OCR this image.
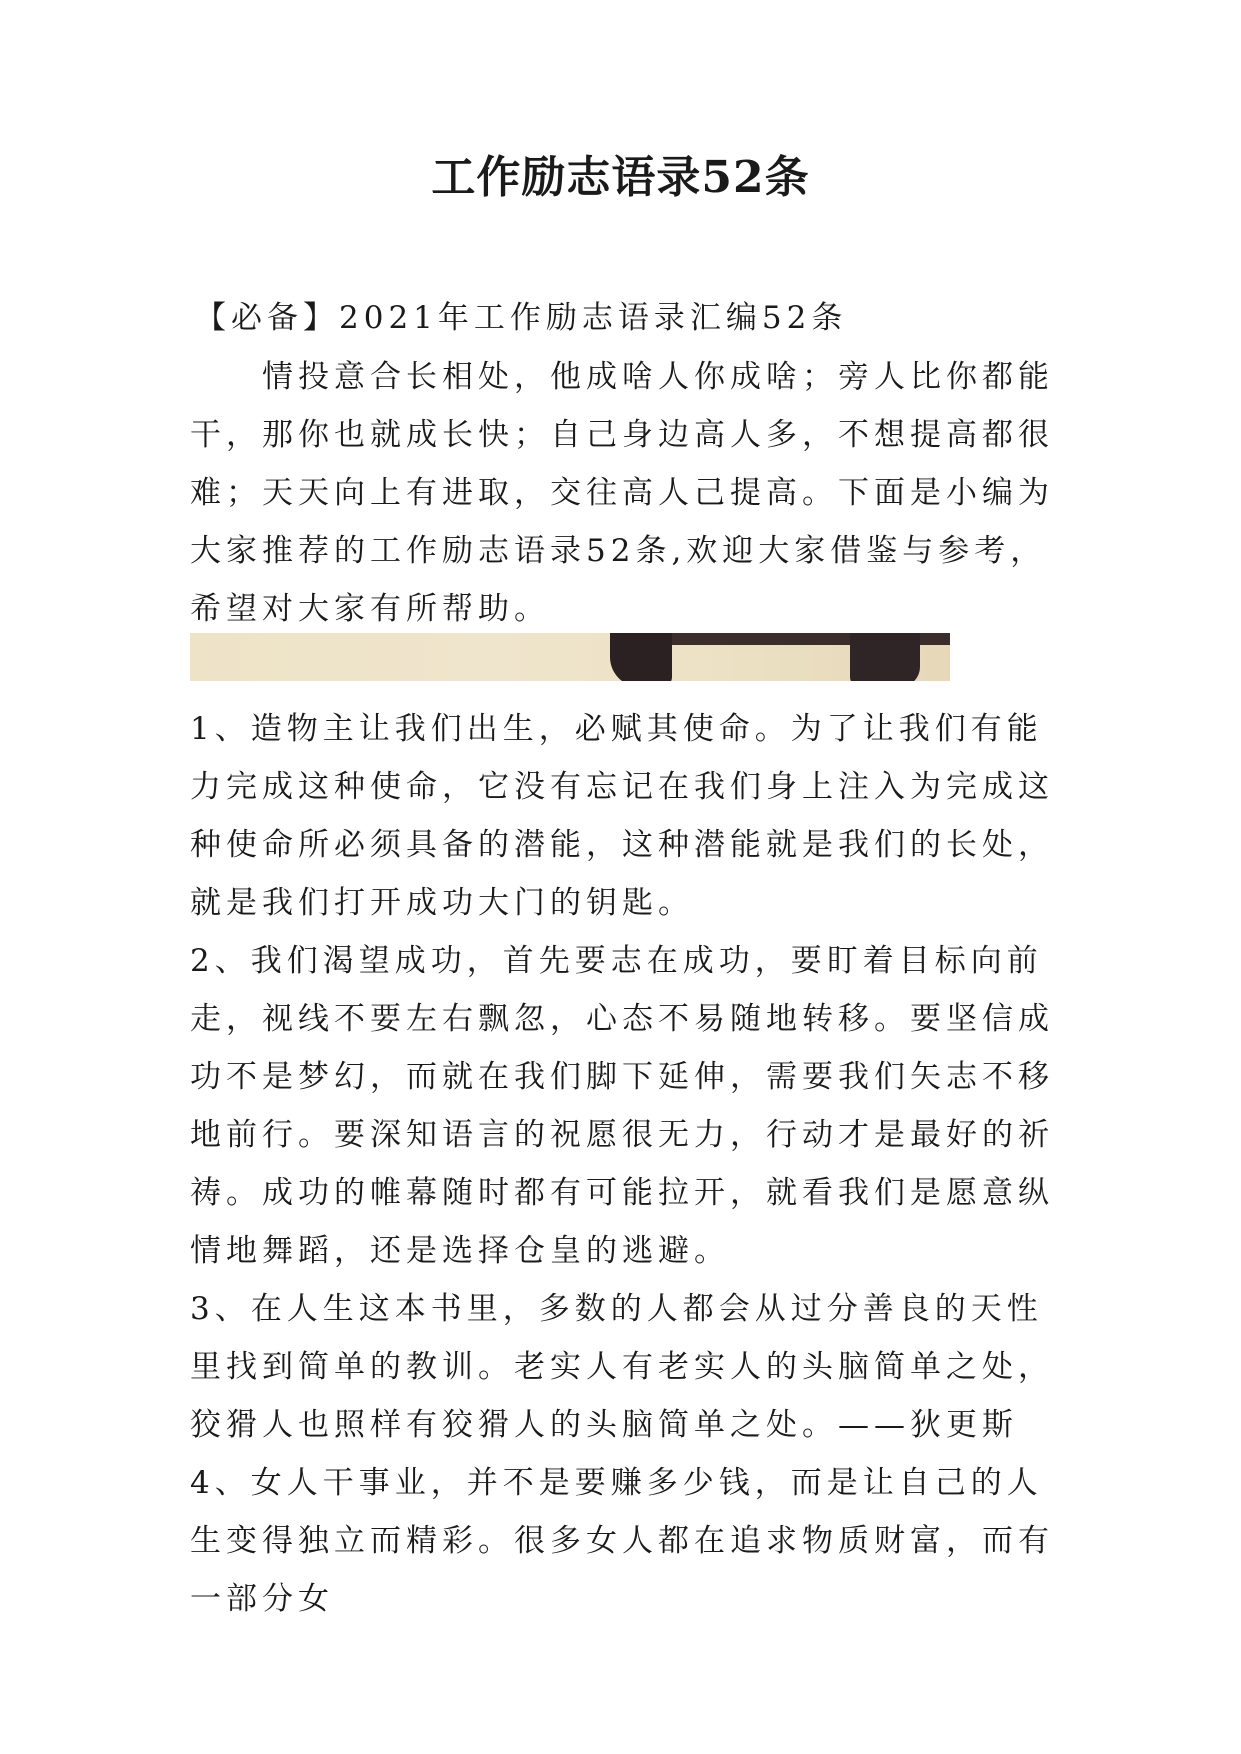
工作励志语录52条
【必备】2021年工作励志语录汇编52条
情投意合长相处，他成啥人你成啥；旁人比你都能干，那你也就成长快；自己身边高人多，不想提高都很难；天天向上有进取，交往高人己提高。下面是小编为大家推荐的工作励志语录52条,欢迎大家借鉴与参考，希望对大家有所帮助。

1、造物主让我们出生，必赋其使命。为了让我们有能力完成这种使命，它没有忘记在我们身上注入为完成这种使命所必须具备的潜能，这种潜能就是我们的长处，就是我们打开成功大门的钥匙。

2、我们渴望成功，首先要志在成功，要盯着目标向前走，视线不要左右飘忽，心态不易随地转移。要坚信成功不是梦幻，而就在我们脚下延伸，需要我们矢志不移地前行。要深知语言的祝愿很无力，行动才是最好的祈祷。成功的帷幕随时都有可能拉开，就看我们是愿意纵情地舞蹈，还是选择仓皇的逃避。

3、在人生这本书里，多数的人都会从过分善良的天性里找到简单的教训。老实人有老实人的头脑简单之处，狡猾人也照样有狡猾人的头脑简单之处。——狄更斯

4、女人干事业，并不是要赚多少钱，而是让自己的人生变得独立而精彩。很多女人都在追求物质财富，而有一部分女
